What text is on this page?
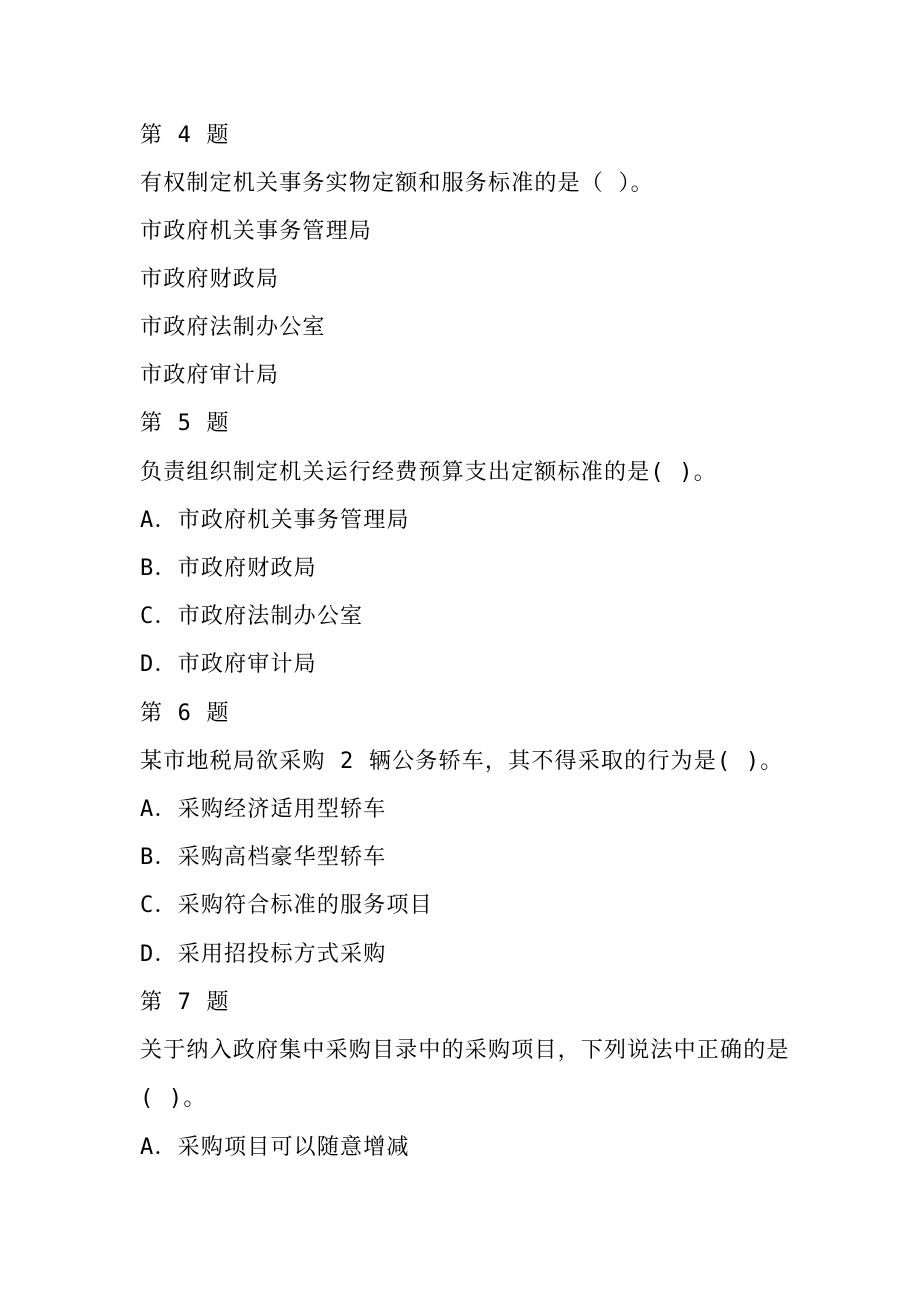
第 4 题
有权制定机关事务实物定额和服务标准的是（ ）。
市政府机关事务管理局
市政府财政局
市政府法制办公室
市政府审计局
第 5 题
负责组织制定机关运行经费预算支出定额标准的是( )。
A．市政府机关事务管理局
B．市政府财政局
C．市政府法制办公室
D．市政府审计局
第 6 题
某市地税局欲采购 2 辆公务轿车，其不得采取的行为是( )。
A．采购经济适用型轿车
B．采购高档豪华型轿车
C．采购符合标准的服务项目
D．采用招投标方式采购
第 7 题
关于纳入政府集中采购目录中的采购项目，下列说法中正确的是
( )。
A．采购项目可以随意增减
